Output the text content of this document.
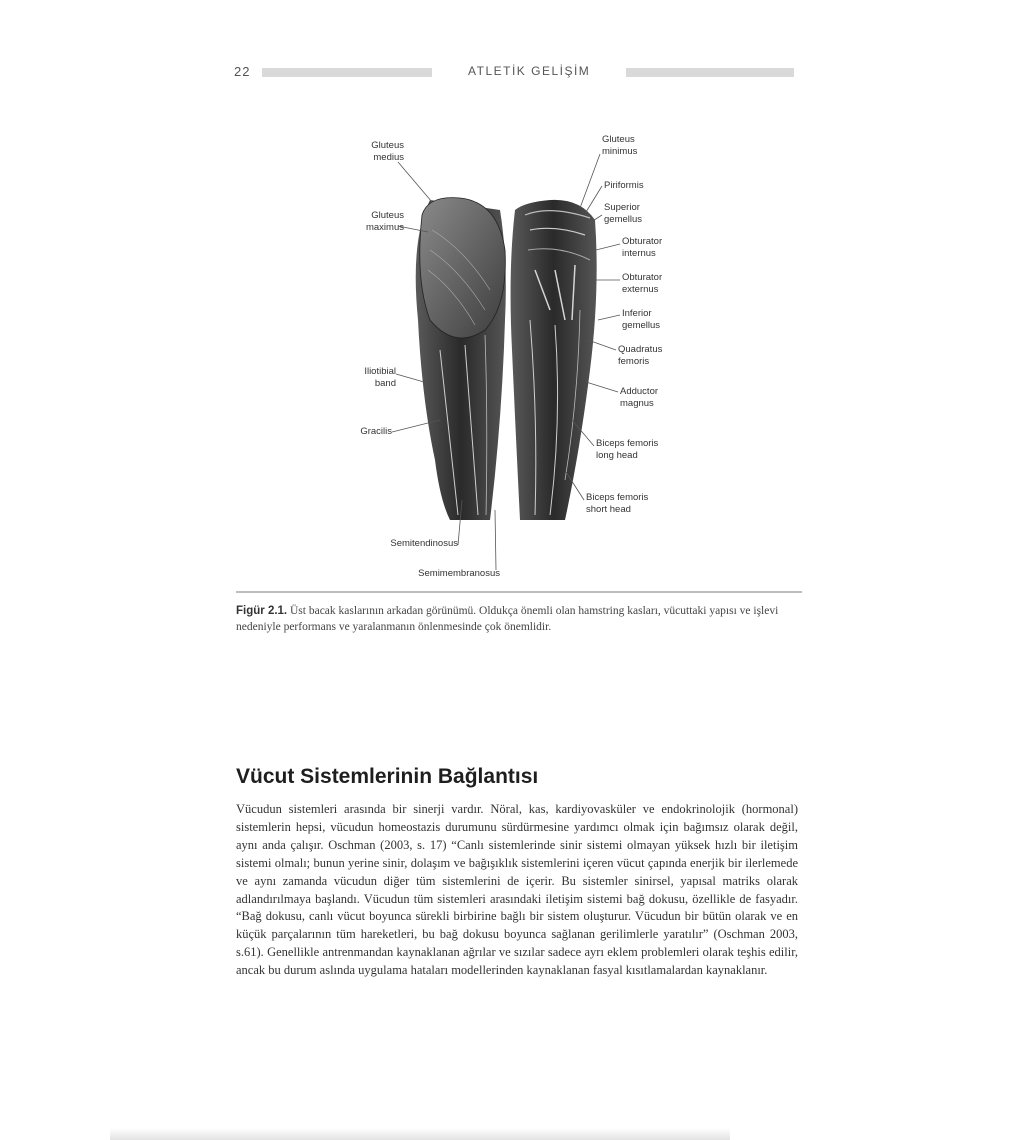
22	ATLETİK GELİŞİM
Gluteus
medius
Gluteus
maximus
Iliotibial
band
Gracilis
Semitendinosus
Semimembranosus
Gluteus
minimus
Piriformis
Superior
gemellus
Obturator
internus
Obturator
externus
Inferior
gemellus
Quadratus
femoris
Adductor
magnus
Biceps femoris
long head
Biceps femoris
short head
Figür 2.1. Üst bacak kaslarının arkadan görünümü. Oldukça önemli olan hamstring kasları, vücuttaki yapısı ve işlevi nedeniyle performans ve yaralanmanın önlenmesinde çok önemlidir.
Vücut Sistemlerinin Bağlantısı
Vücudun sistemleri arasında bir sinerji vardır. Nöral, kas, kardiyovasküler ve endokrinolojik (hormonal) sistemlerin hepsi, vücudun homeostazis durumunu sürdürmesine yardımcı olmak için bağımsız olarak değil, aynı anda çalışır. Oschman (2003, s. 17) “Canlı sistemlerinde sinir sistemi olmayan yüksek hızlı bir iletişim sistemi olmalı; bunun yerine sinir, dolaşım ve bağışıklık sistemlerini içeren vücut çapında enerjik bir ilerlemede ve aynı zamanda vücudun diğer tüm sistemlerini de içerir. Bu sistemler sinirsel, yapısal matriks olarak adlandırılmaya başlandı. Vücudun tüm sistemleri arasındaki iletişim sistemi bağ dokusu, özellikle de fasyadır. “Bağ dokusu, canlı vücut boyunca sürekli birbirine bağlı bir sistem oluşturur. Vücudun bir bütün olarak ve en küçük parçalarının tüm hareketleri, bu bağ dokusu boyunca sağlanan gerilimlerle yaratılır” (Oschman 2003, s.61). Genellikle antrenmandan kaynaklanan ağrılar ve sızılar sadece ayrı eklem problemleri olarak teşhis edilir, ancak bu durum aslında uygulama hataları modellerinden kaynaklanan fasyal kısıtlamalardan kaynaklanır.
